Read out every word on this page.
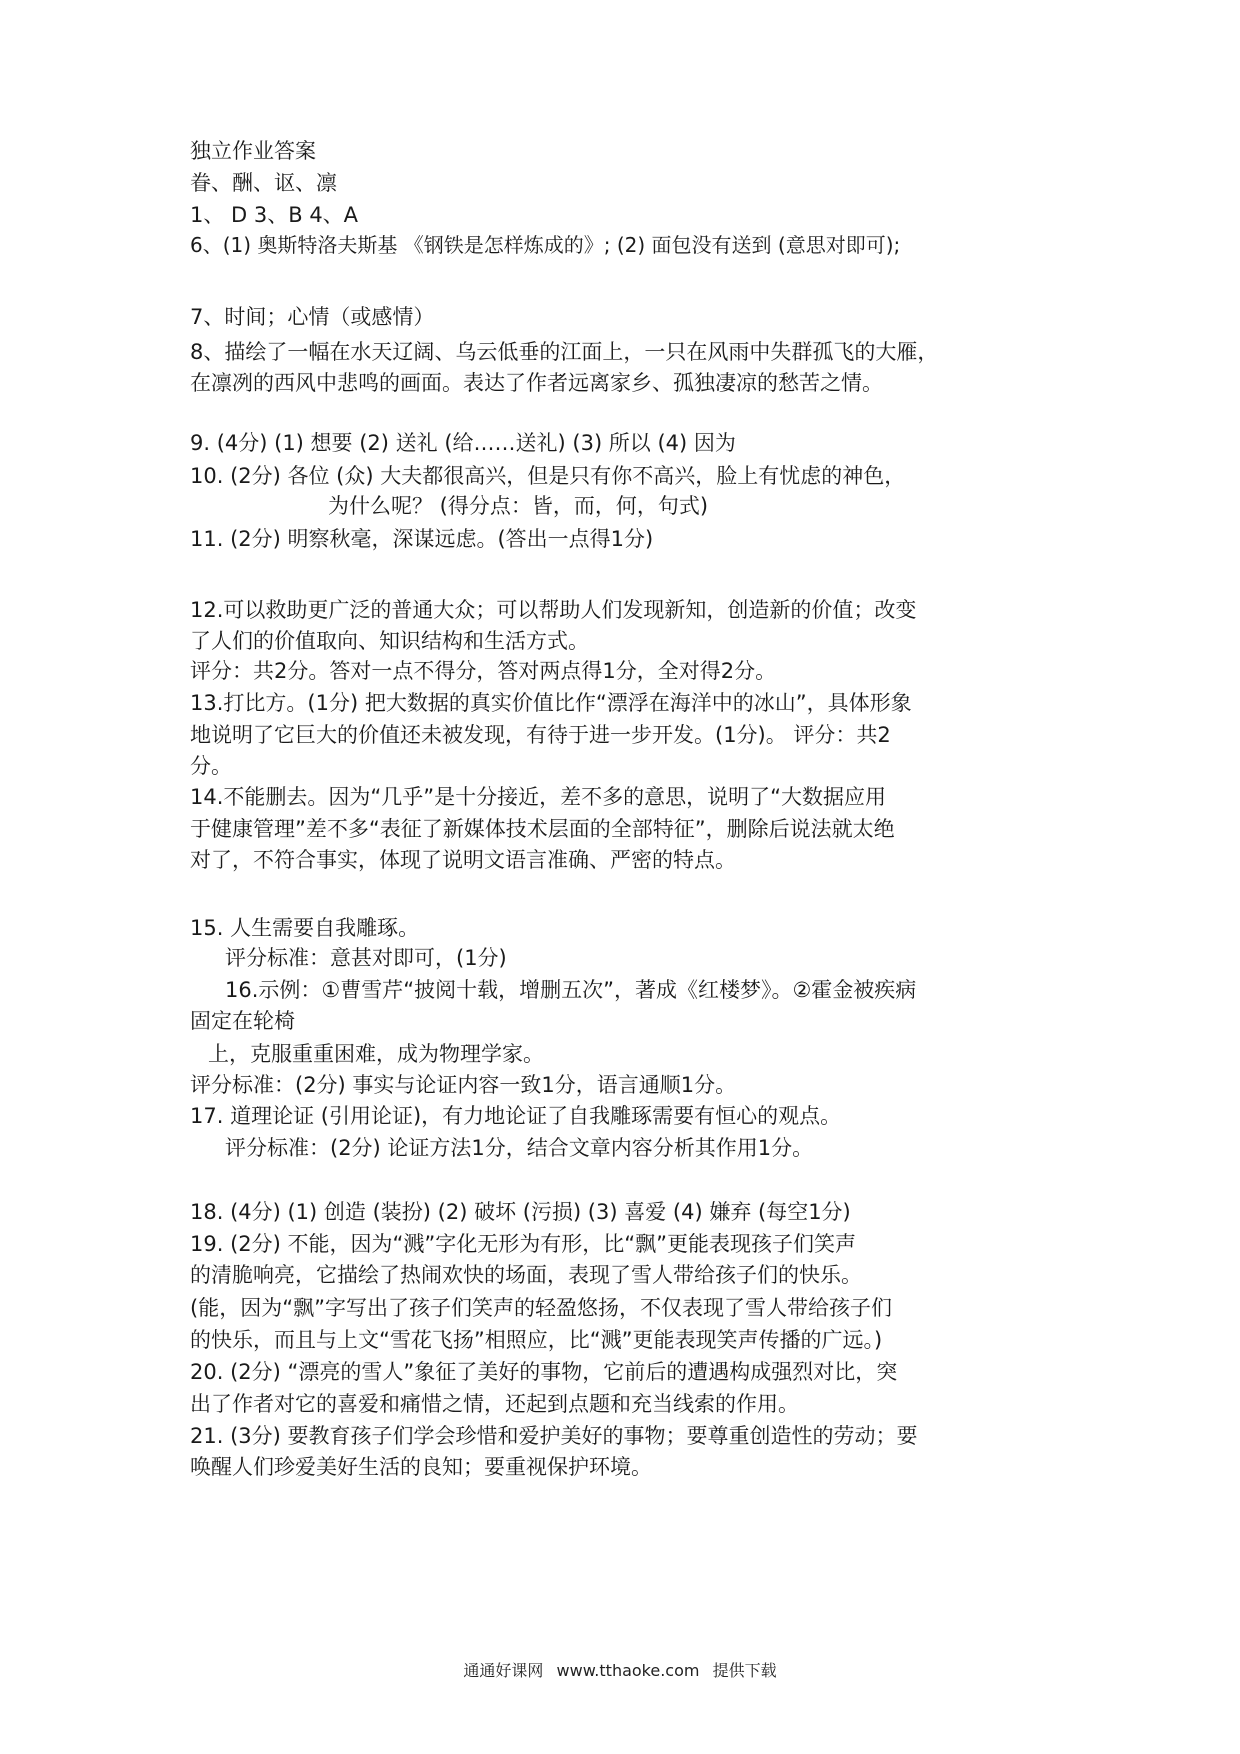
独立作业答案
眷、酬、讴、凛
1、 D 3、B 4、A
6、(1) 奥斯特洛夫斯基 《钢铁是怎样炼成的》; (2) 面包没有送到 (意思对即可);
7、时间；心情（或感情）
8、描绘了一幅在水天辽阔、乌云低垂的江面上，一只在风雨中失群孤飞的大雁，
在凛冽的西风中悲鸣的画面。表达了作者远离家乡、孤独凄凉的愁苦之情。
9. (4分) (1) 想要 (2) 送礼 (给……送礼) (3) 所以 (4) 因为
10. (2分) 各位 (众) 大夫都很高兴，但是只有你不高兴，脸上有忧虑的神色，
为什么呢？ (得分点：皆，而，何，句式)
11. (2分) 明察秋毫，深谋远虑。(答出一点得1分)
12.可以救助更广泛的普通大众；可以帮助人们发现新知，创造新的价值；改变
了人们的价值取向、知识结构和生活方式。
评分：共2分。答对一点不得分，答对两点得1分，全对得2分。
13.打比方。(1分) 把大数据的真实价值比作“漂浮在海洋中的冰山”，具体形象
地说明了它巨大的价值还未被发现，有待于进一步开发。(1分)。 评分：共2
分。
14.不能删去。因为“几乎”是十分接近，差不多的意思，说明了“大数据应用
于健康管理”差不多“表征了新媒体技术层面的全部特征”，删除后说法就太绝
对了，不符合事实，体现了说明文语言准确、严密的特点。
15. 人生需要自我雕琢。
评分标准：意甚对即可，(1分)
16.示例：①曹雪芹“披阅十载，增删五次”，著成《红楼梦》。②霍金被疾病
固定在轮椅
上，克服重重困难，成为物理学家。
评分标准：(2分) 事实与论证内容一致1分，语言通顺1分。
17. 道理论证 (引用论证)，有力地论证了自我雕琢需要有恒心的观点。
评分标准：(2分) 论证方法1分，结合文章内容分析其作用1分。
18. (4分) (1) 创造 (装扮) (2) 破坏 (污损) (3) 喜爱 (4) 嫌弃 (每空1分)
19. (2分) 不能，因为“溅”字化无形为有形，比“飘”更能表现孩子们笑声
的清脆响亮，它描绘了热闹欢快的场面，表现了雪人带给孩子们的快乐。
(能，因为“飘”字写出了孩子们笑声的轻盈悠扬，不仅表现了雪人带给孩子们
的快乐，而且与上文“雪花飞扬”相照应，比“溅”更能表现笑声传播的广远。)
20. (2分) “漂亮的雪人”象征了美好的事物，它前后的遭遇构成强烈对比，突
出了作者对它的喜爱和痛惜之情，还起到点题和充当线索的作用。
21. (3分) 要教育孩子们学会珍惜和爱护美好的事物；要尊重创造性的劳动；要
唤醒人们珍爱美好生活的良知；要重视保护环境。
通通好课网 www.tthaoke.com 提供下载
